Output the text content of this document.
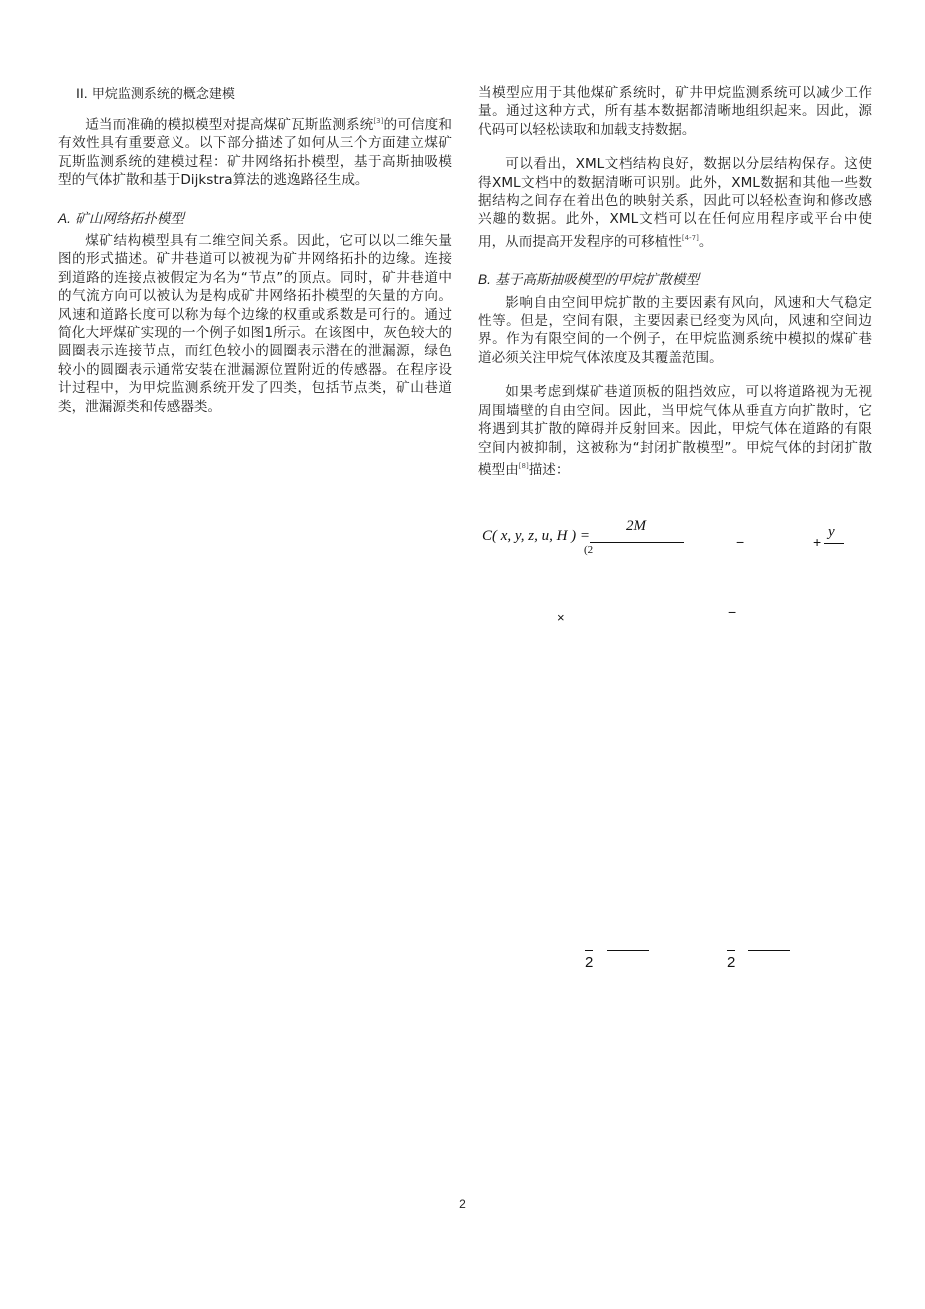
II. 甲烷监测系统的概念建模

适当而准确的模拟模型对提高煤矿瓦斯监测系统[3]的可信度和有效性具有重要意义。以下部分描述了如何从三个方面建立煤矿瓦斯监测系统的建模过程：矿井网络拓扑模型，基于高斯抽吸模型的气体扩散和基于Dijkstra算法的逃逸路径生成。

A. 矿山网络拓扑模型

煤矿结构模型具有二维空间关系。因此，它可以以二维矢量图的形式描述。矿井巷道可以被视为矿井网络拓扑的边缘。连接到道路的连接点被假定为名为“节点”的顶点。同时，矿井巷道中的气流方向可以被认为是构成矿井网络拓扑模型的矢量的方向。风速和道路长度可以称为每个边缘的权重或系数是可行的。通过简化大坪煤矿实现的一个例子如图1所示。在该图中，灰色较大的圆圈表示连接节点，而红色较小的圆圈表示潜在的泄漏源，绿色较小的圆圈表示通常安装在泄漏源位置附近的传感器。在程序设计过程中，为甲烷监测系统开发了四类，包括节点类，矿山巷道类，泄漏源类和传感器类。

当模型应用于其他煤矿系统时，矿井甲烷监测系统可以减少工作量。通过这种方式，所有基本数据都清晰地组织起来。因此，源代码可以轻松读取和加载支持数据。

可以看出，XML文档结构良好，数据以分层结构保存。这使得XML文档中的数据清晰可识别。此外，XML数据和其他一些数据结构之间存在着出色的映射关系，因此可以轻松查询和修改感兴趣的数据。此外，XML文档可以在任何应用程序或平台中使用，从而提高开发程序的可移植性[4-7]。

B. 基于高斯抽吸模型的甲烷扩散模型

影响自由空间甲烷扩散的主要因素有风向，风速和大气稳定性等。但是，空间有限，主要因素已经变为风向，风速和空间边界。作为有限空间的一个例子，在甲烷监测系统中模拟的煤矿巷道必须关注甲烷气体浓度及其覆盖范围。

如果考虑到煤矿巷道顶板的阻挡效应，可以将道路视为无视周围墙壁的自由空间。因此，当甲烷气体从垂直方向扩散时，它将遇到其扩散的障碍并反射回来。因此，甲烷气体在道路的有限空间内被抑制，这被称为“封闭扩散模型”。甲烷气体的封闭扩散模型由[8]描述：

C( x, y, z, u, H ) =
2M
(2	−	+
y
×	−
2	2
2
